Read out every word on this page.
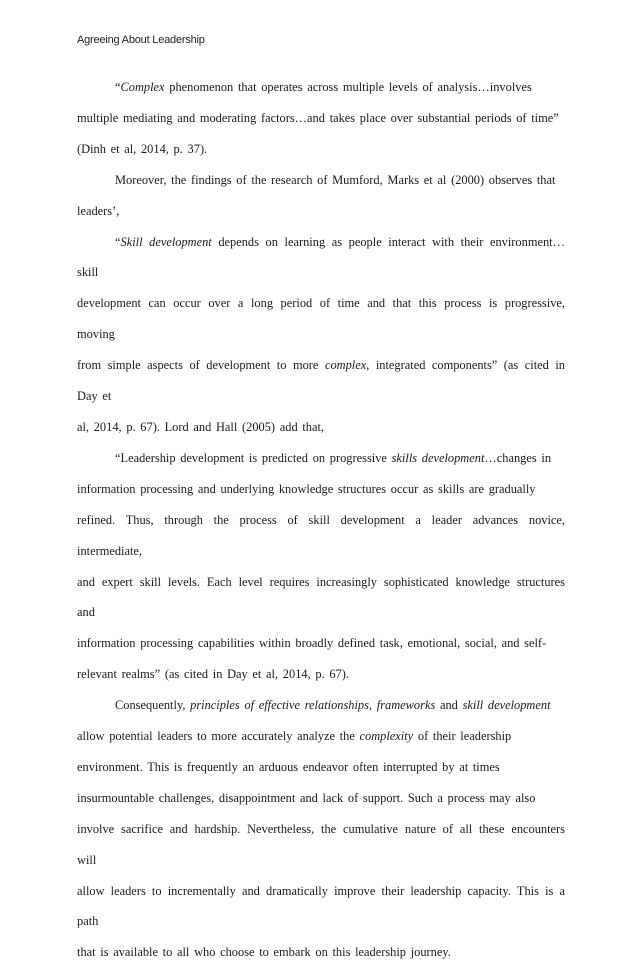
Agreeing About Leadership
“Complex phenomenon that operates across multiple levels of analysis…involves
multiple mediating and moderating factors…and takes place over substantial periods of time”
(Dinh et al, 2014, p. 37).
Moreover, the findings of the research of Mumford, Marks et al (2000) observes that
leaders’,
“Skill development depends on learning as people interact with their environment…skill
development can occur over a long period of time and that this process is progressive, moving
from simple aspects of development to more complex, integrated components” (as cited in Day et
al, 2014, p. 67). Lord and Hall (2005) add that,
“Leadership development is predicted on progressive skills development…changes in
information processing and underlying knowledge structures occur as skills are gradually
refined. Thus, through the process of skill development a leader advances novice, intermediate,
and expert skill levels. Each level requires increasingly sophisticated knowledge structures and
information processing capabilities within broadly defined task, emotional, social, and self-
relevant realms” (as cited in Day et al, 2014, p. 67).
Consequently, principles of effective relationships, frameworks and skill development
allow potential leaders to more accurately analyze the complexity of their leadership
environment. This is frequently an arduous endeavor often interrupted by at times
insurmountable challenges, disappointment and lack of support. Such a process may also
involve sacrifice and hardship. Nevertheless, the cumulative nature of all these encounters will
allow leaders to incrementally and dramatically improve their leadership capacity. This is a path
that is available to all who choose to embark on this leadership journey.
